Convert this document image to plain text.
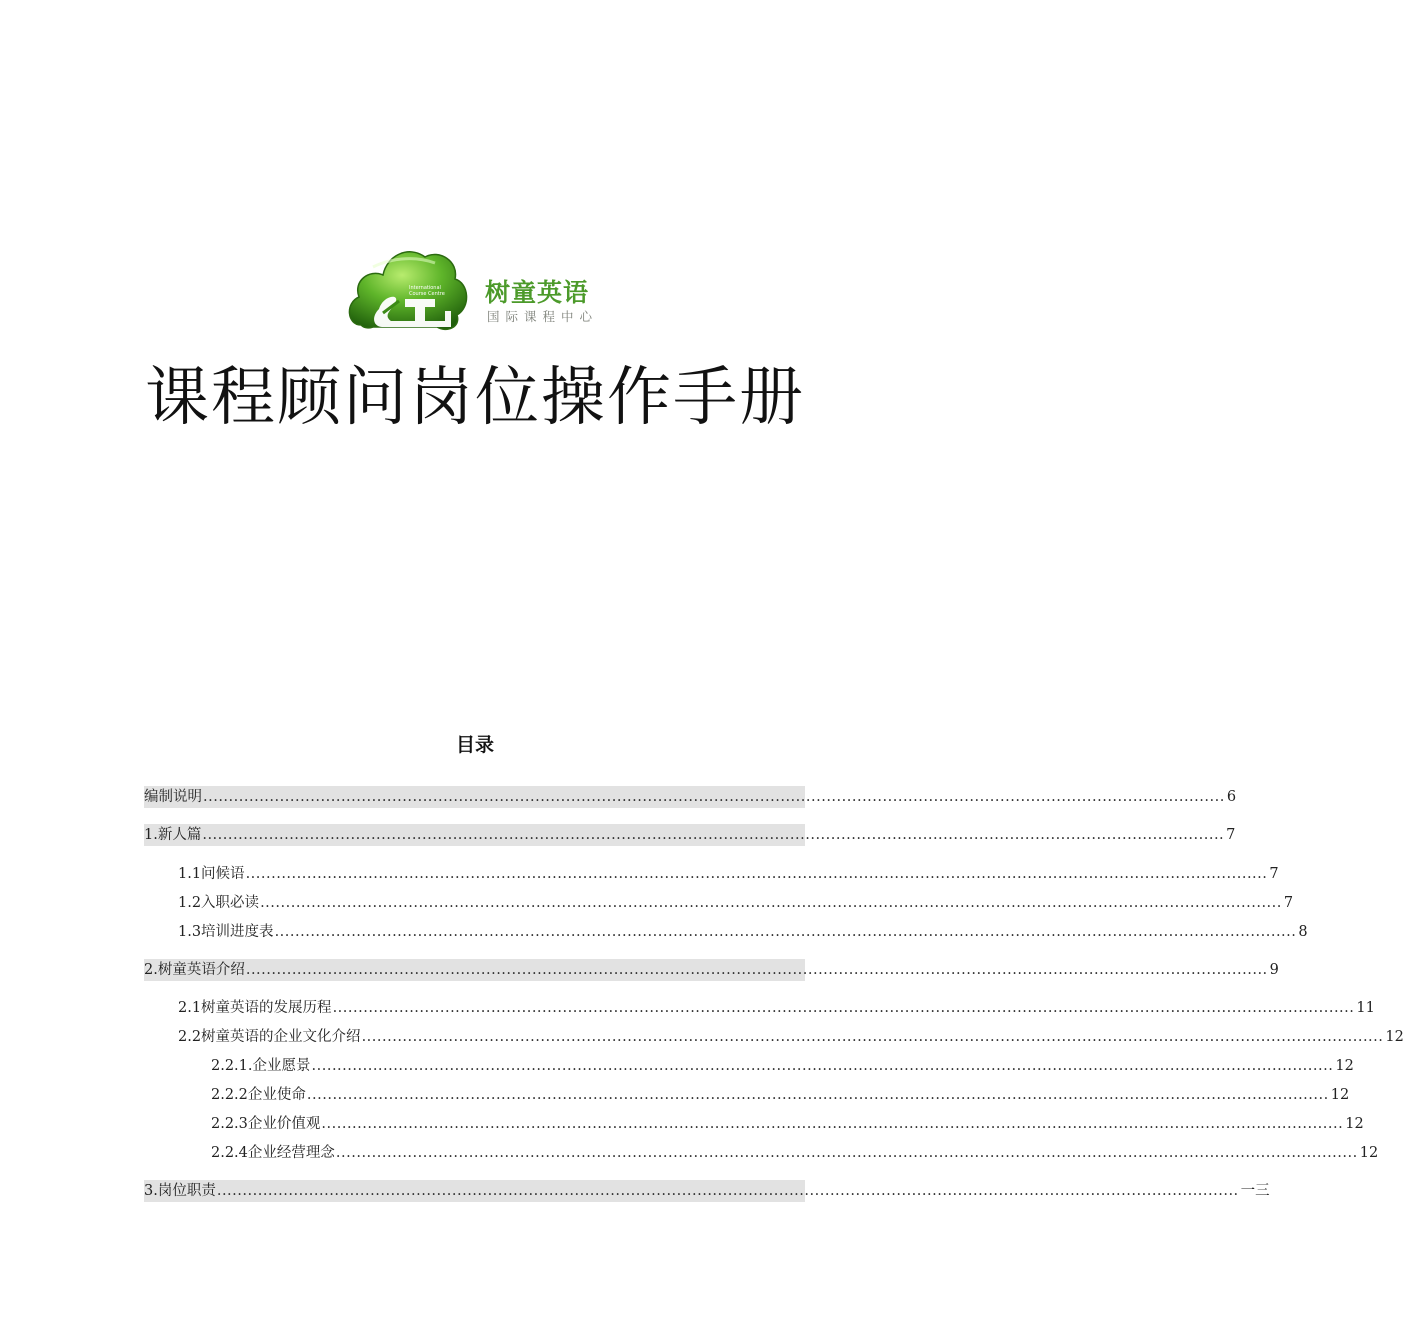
International
Course Centre 树童英语
国际课程中心
课程顾问岗位操作手册
目录
编制说明 ........................................................................................................................................................................................................ 6
1.新人篇 ........................................................................................................................................................................................................ 7
1.1问候语 ........................................................................................................................................................................................................ 7
1.2入职必读 ........................................................................................................................................................................................................ 7
1.3培训进度表 ........................................................................................................................................................................................................ 8
2.树童英语介绍 ........................................................................................................................................................................................................ 9
2.1树童英语的发展历程 ........................................................................................................................................................................................................ 11
2.2树童英语的企业文化介绍 ........................................................................................................................................................................................................ 12
2.2.1.企业愿景 ........................................................................................................................................................................................................ 12
2.2.2企业使命 ........................................................................................................................................................................................................ 12
2.2.3企业价值观 ........................................................................................................................................................................................................ 12
2.2.4企业经营理念 ........................................................................................................................................................................................................ 12
3.岗位职责 ........................................................................................................................................................................................................ 一三
